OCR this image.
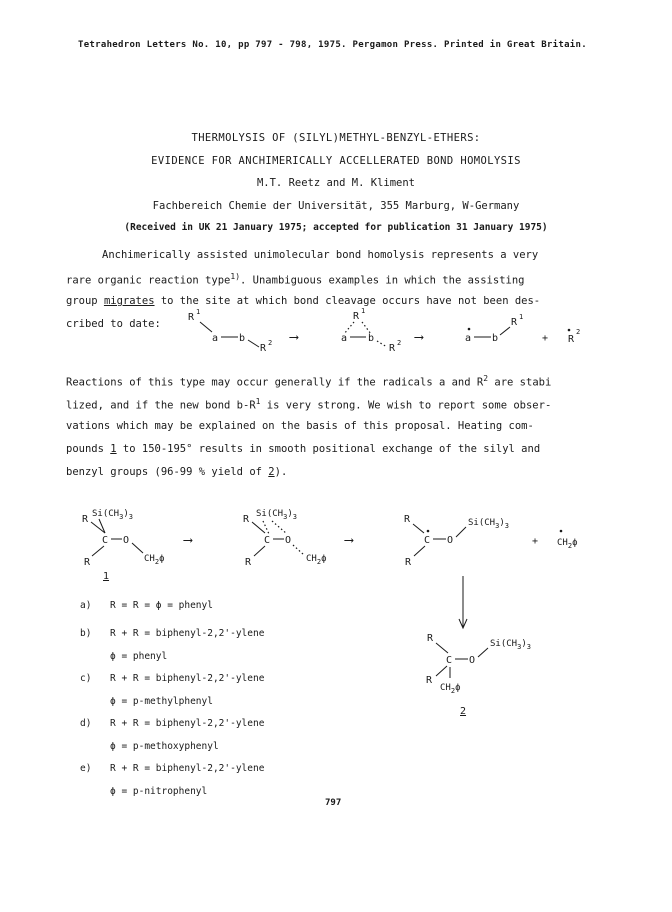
Tetrahedron Letters No. 10, pp 797 - 798, 1975. Pergamon Press. Printed in Great Britain.
THERMOLYSIS OF (SILYL)METHYL-BENZYL-ETHERS:
EVIDENCE FOR ANCHIMERICALLY ACCELLERATED BOND HOMOLYSIS
M.T. Reetz and M. Kliment
Fachbereich Chemie der Universität, 355 Marburg, W-Germany
(Received in UK 21 January 1975; accepted for publication 31 January 1975)
Anchimerically assisted unimolecular bond homolysis represents a very
rare organic reaction type$^{1)}$. Unambiguous examples in which the assisting
group migrates to the site at which bond cleavage occurs have not been des-
cribed to date:
R 1
a b
R 2 ⟶
R 1
a b
R 2 ⟶	a b
R 1
+ R
2
Reactions of this type may occur generally if the radicals a and $R^2$ are stabi
lized, and if the new bond $b-R^1$ is very strong. We wish to report some obser-
vations which may be explained on the basis of this proposal. Heating com-
pounds 1 to 150-195° results in smooth positional exchange of the silyl and
benzyl groups (96-99 % yield of 2).
R $Si(CH_3)_3$
C O
R	$CH_2\phi$
1
⟶
R $Si(CH_3)_3$
C O
R	$CH_2\phi$
⟶
R
C O
$Si(CH_3)_3$
+
R
$CH_2\phi$
R
C O
$Si(CH_3)_3$
R
$CH_2\phi$
2
a) R = R = ϕ = phenyl
b) R + R = biphenyl-2,2'-ylene
ϕ = phenyl
c) R + R = biphenyl-2,2'-ylene
ϕ = p-methylphenyl
d) R + R = biphenyl-2,2'-ylene
ϕ = p-methoxyphenyl
e) R + R = biphenyl-2,2'-ylene
ϕ = p-nitrophenyl
797
